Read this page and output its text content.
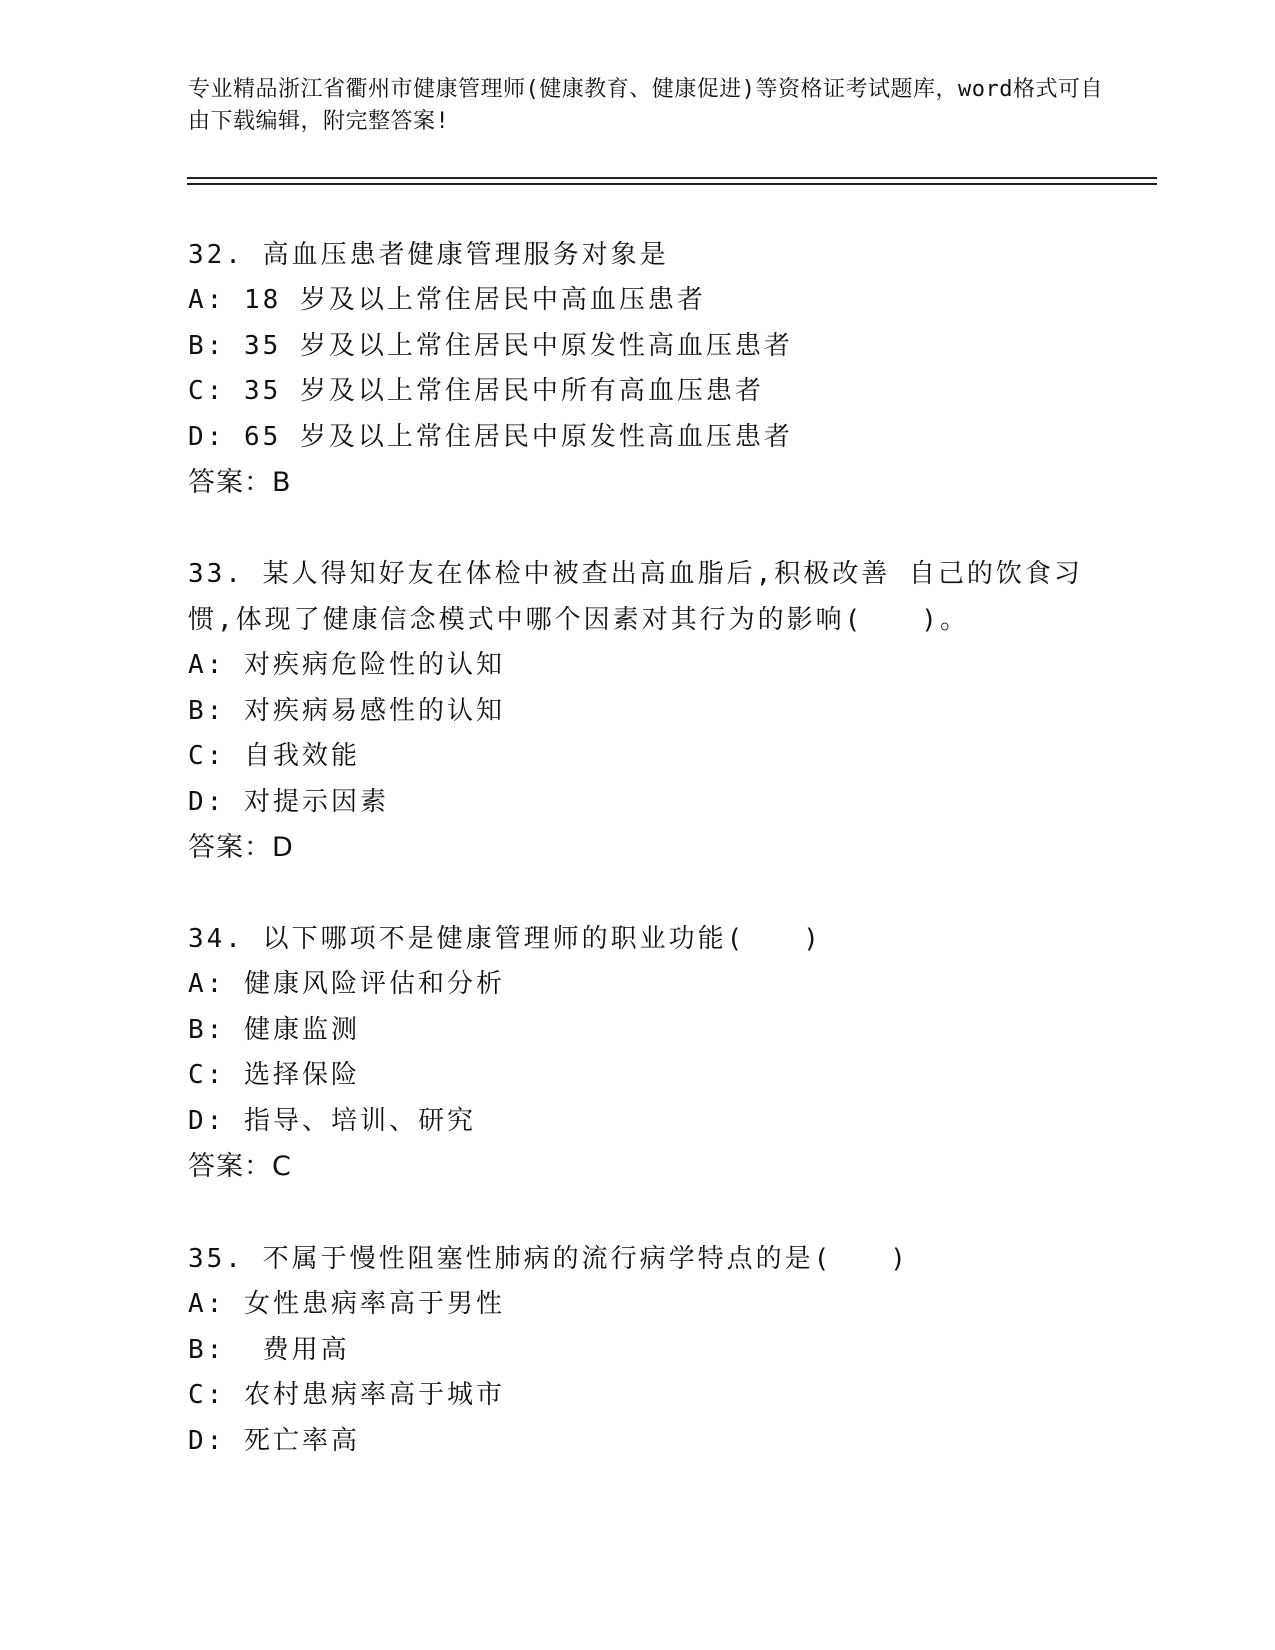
专业精品浙江省衢州市健康管理师(健康教育、健康促进)等资格证考试题库，word格式可自由下载编辑，附完整答案!
32. 高血压患者健康管理服务对象是
A: 18 岁及以上常住居民中高血压患者
B: 35 岁及以上常住居民中原发性高血压患者
C: 35 岁及以上常住居民中所有高血压患者
D: 65 岁及以上常住居民中原发性高血压患者
答案：B
33. 某人得知好友在体检中被查出高血脂后,积极改善 自己的饮食习惯,体现了健康信念模式中哪个因素对其行为的影响(　　)。
A: 对疾病危险性的认知
B: 对疾病易感性的认知
C: 自我效能
D: 对提示因素
答案：D
34. 以下哪项不是健康管理师的职业功能(　　)
A: 健康风险评估和分析
B: 健康监测
C: 选择保险
D: 指导、培训、研究
答案：C
35. 不属于慢性阻塞性肺病的流行病学特点的是(　　)
A: 女性患病率高于男性
B:  费用高
C: 农村患病率高于城市
D: 死亡率高
